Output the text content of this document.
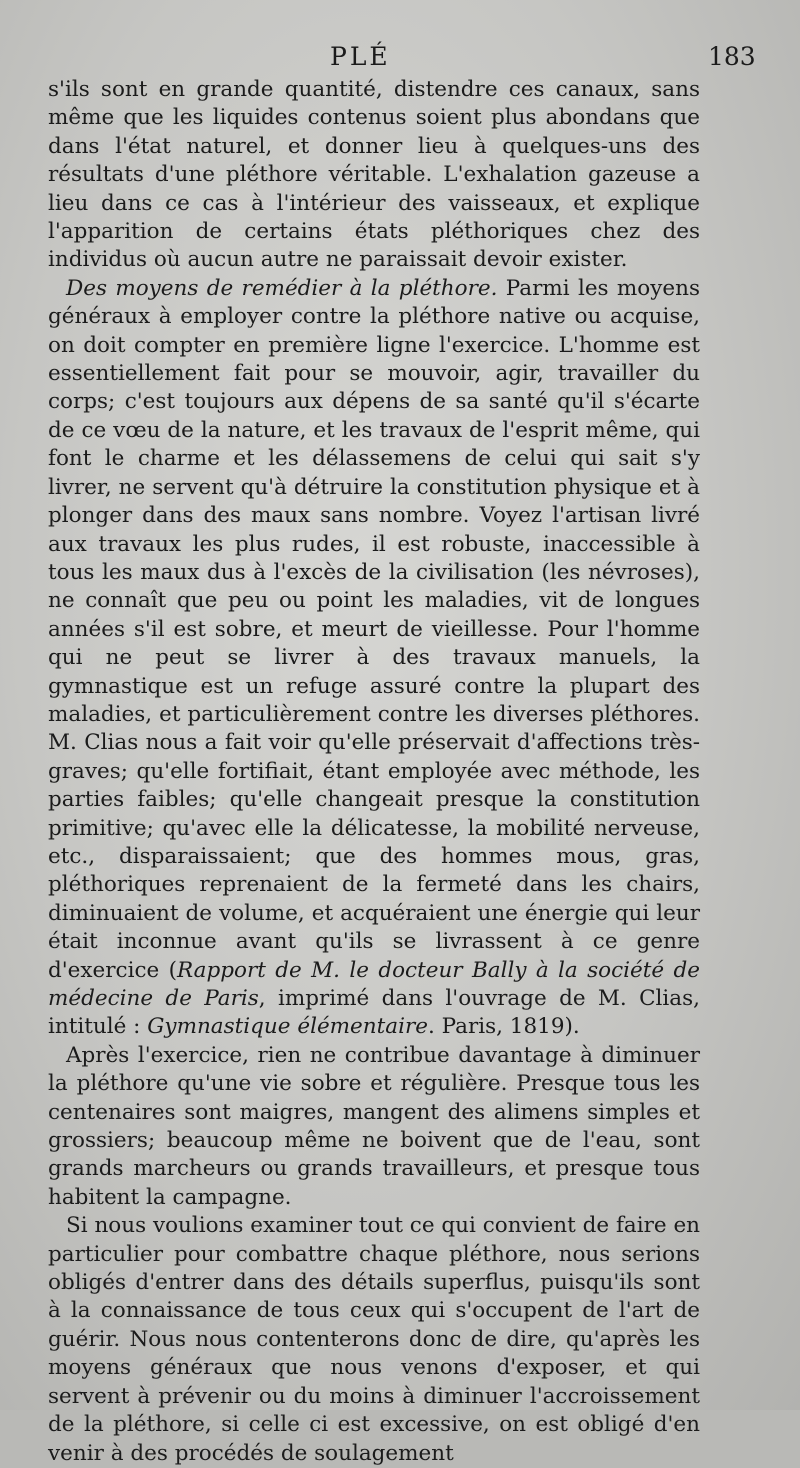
PLÉ	183

s'ils sont en grande quantité, distendre ces canaux, sans même que les liquides contenus soient plus abondans que dans l'état naturel, et donner lieu à quelques-uns des résultats d'une pléthore véritable. L'exhalation gazeuse a lieu dans ce cas à l'intérieur des vaisseaux, et explique l'apparition de certains états pléthoriques chez des individus où aucun autre ne paraissait devoir exister.

Des moyens de remédier à la pléthore. Parmi les moyens généraux à employer contre la pléthore native ou acquise, on doit compter en première ligne l'exercice. L'homme est essentiellement fait pour se mouvoir, agir, travailler du corps; c'est toujours aux dépens de sa santé qu'il s'écarte de ce vœu de la nature, et les travaux de l'esprit même, qui font le charme et les délassemens de celui qui sait s'y livrer, ne servent qu'à détruire la constitution physique et à plonger dans des maux sans nombre. Voyez l'artisan livré aux travaux les plus rudes, il est robuste, inaccessible à tous les maux dus à l'excès de la civilisation (les névroses), ne connaît que peu ou point les maladies, vit de longues années s'il est sobre, et meurt de vieillesse. Pour l'homme qui ne peut se livrer à des travaux manuels, la gymnastique est un refuge assuré contre la plupart des maladies, et particulièrement contre les diverses pléthores. M. Clias nous a fait voir qu'elle préservait d'affections très-graves; qu'elle fortifiait, étant employée avec méthode, les parties faibles; qu'elle changeait presque la constitution primitive; qu'avec elle la délicatesse, la mobilité nerveuse, etc., disparaissaient; que des hommes mous, gras, pléthoriques reprenaient de la fermeté dans les chairs, diminuaient de volume, et acquéraient une énergie qui leur était inconnue avant qu'ils se livrassent à ce genre d'exercice (Rapport de M. le docteur Bally à la société de médecine de Paris, imprimé dans l'ouvrage de M. Clias, intitulé : Gymnastique élémentaire. Paris, 1819).

Après l'exercice, rien ne contribue davantage à diminuer la pléthore qu'une vie sobre et régulière. Presque tous les centenaires sont maigres, mangent des alimens simples et grossiers; beaucoup même ne boivent que de l'eau, sont grands marcheurs ou grands travailleurs, et presque tous habitent la campagne.

Si nous voulions examiner tout ce qui convient de faire en particulier pour combattre chaque pléthore, nous serions obligés d'entrer dans des détails superflus, puisqu'ils sont à la connaissance de tous ceux qui s'occupent de l'art de guérir. Nous nous contenterons donc de dire, qu'après les moyens généraux que nous venons d'exposer, et qui servent à prévenir ou du moins à diminuer l'accroissement de la pléthore, si celle ci est excessive, on est obligé d'en venir à des procédés de soulagement
